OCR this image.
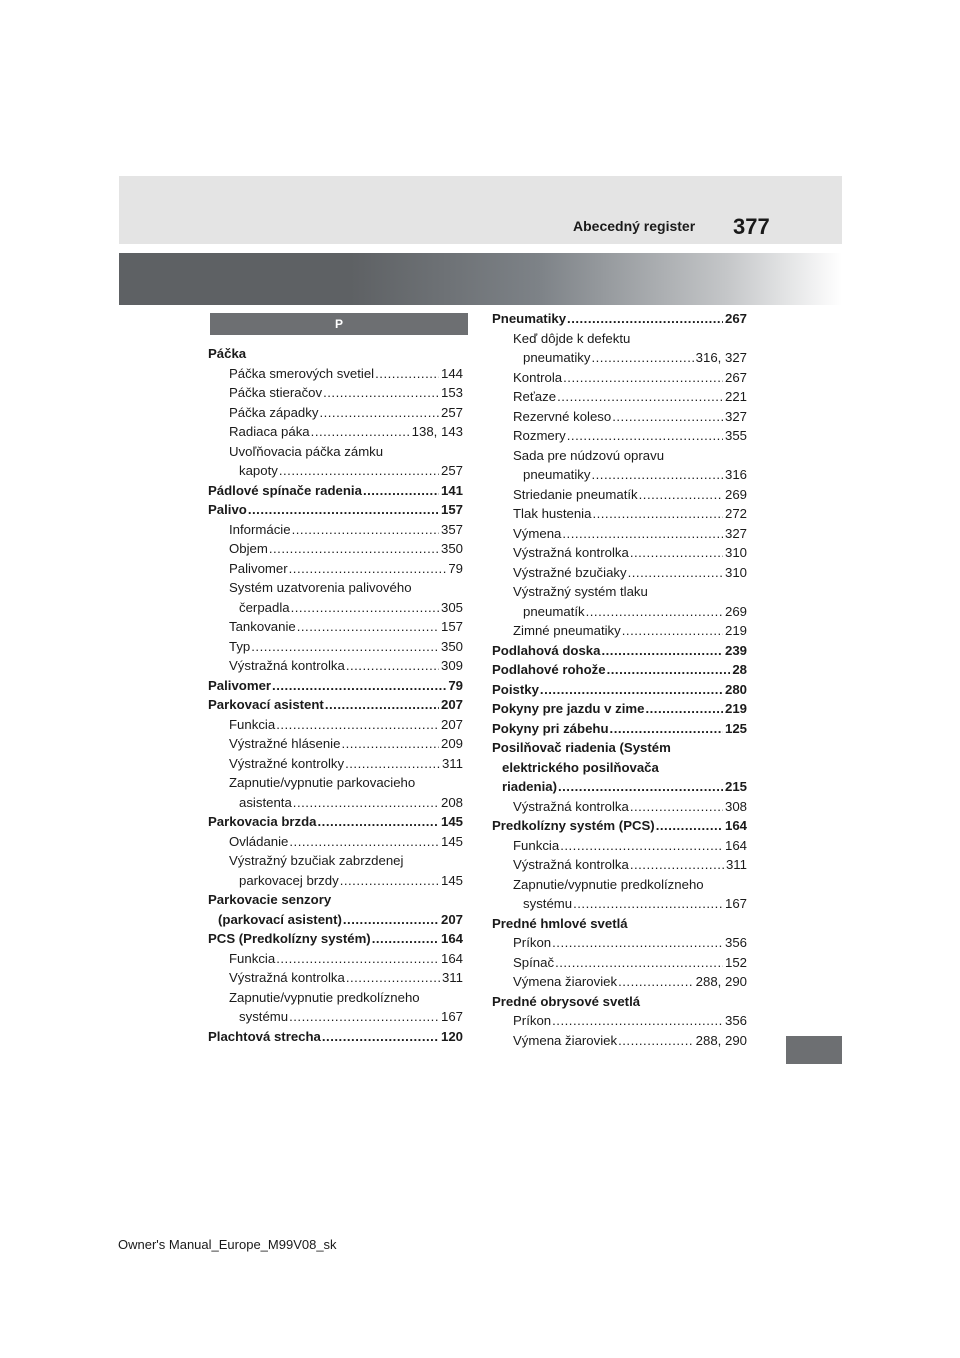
Abecedný register 377
P
Páčka
Páčka smerových svetiel .....	144
Páčka stieračov .....	153
Páčka západky .....	257
Radiaca páka .....	138, 143
Uvoľňovacia páčka zámku
kapoty .....	257
Pádlové spínače radenia .....	141
Palivo .....	157
Informácie .....	357
Objem .....	350
Palivomer .....	79
Systém uzatvorenia palivového
čerpadla .....	305
Tankovanie .....	157
Typ .....	350
Výstražná kontrolka .....	309
Palivomer .....	79
Parkovací asistent .....	207
Funkcia .....	207
Výstražné hlásenie .....	209
Výstražné kontrolky .....	311
Zapnutie/vypnutie parkovacieho
asistenta .....	208
Parkovacia brzda .....	145
Ovládanie .....	145
Výstražný bzučiak zabrzdenej
parkovacej brzdy .....	145
Parkovacie senzory
(parkovací asistent) .....	207
PCS (Predkolízny systém) .....	164
Funkcia .....	164
Výstražná kontrolka .....	311
Zapnutie/vypnutie predkolízneho
systému .....	167
Plachtová strecha .....	120
Pneumatiky .....	267
Keď dôjde k defektu
pneumatiky .....	316, 327
Kontrola .....	267
Reťaze .....	221
Rezervné koleso .....	327
Rozmery .....	355
Sada pre núdzovú opravu
pneumatiky .....	316
Striedanie pneumatík .....	269
Tlak hustenia .....	272
Výmena .....	327
Výstražná kontrolka .....	310
Výstražné bzučiaky .....	310
Výstražný systém tlaku
pneumatík .....	269
Zimné pneumatiky .....	219
Podlahová doska .....	239
Podlahové rohože .....	28
Poistky .....	280
Pokyny pre jazdu v zime .....	219
Pokyny pri zábehu .....	125
Posilňovač riadenia (Systém
elektrického posilňovača
riadenia) .....	215
Výstražná kontrolka .....	308
Predkolízny systém (PCS) .....	164
Funkcia .....	164
Výstražná kontrolka .....	311
Zapnutie/vypnutie predkolízneho
systému .....	167
Predné hmlové svetlá
Príkon .....	356
Spínač .....	152
Výmena žiaroviek .....	288, 290
Predné obrysové svetlá
Príkon .....	356
Výmena žiaroviek .....	288, 290
Owner's Manual_Europe_M99V08_sk
